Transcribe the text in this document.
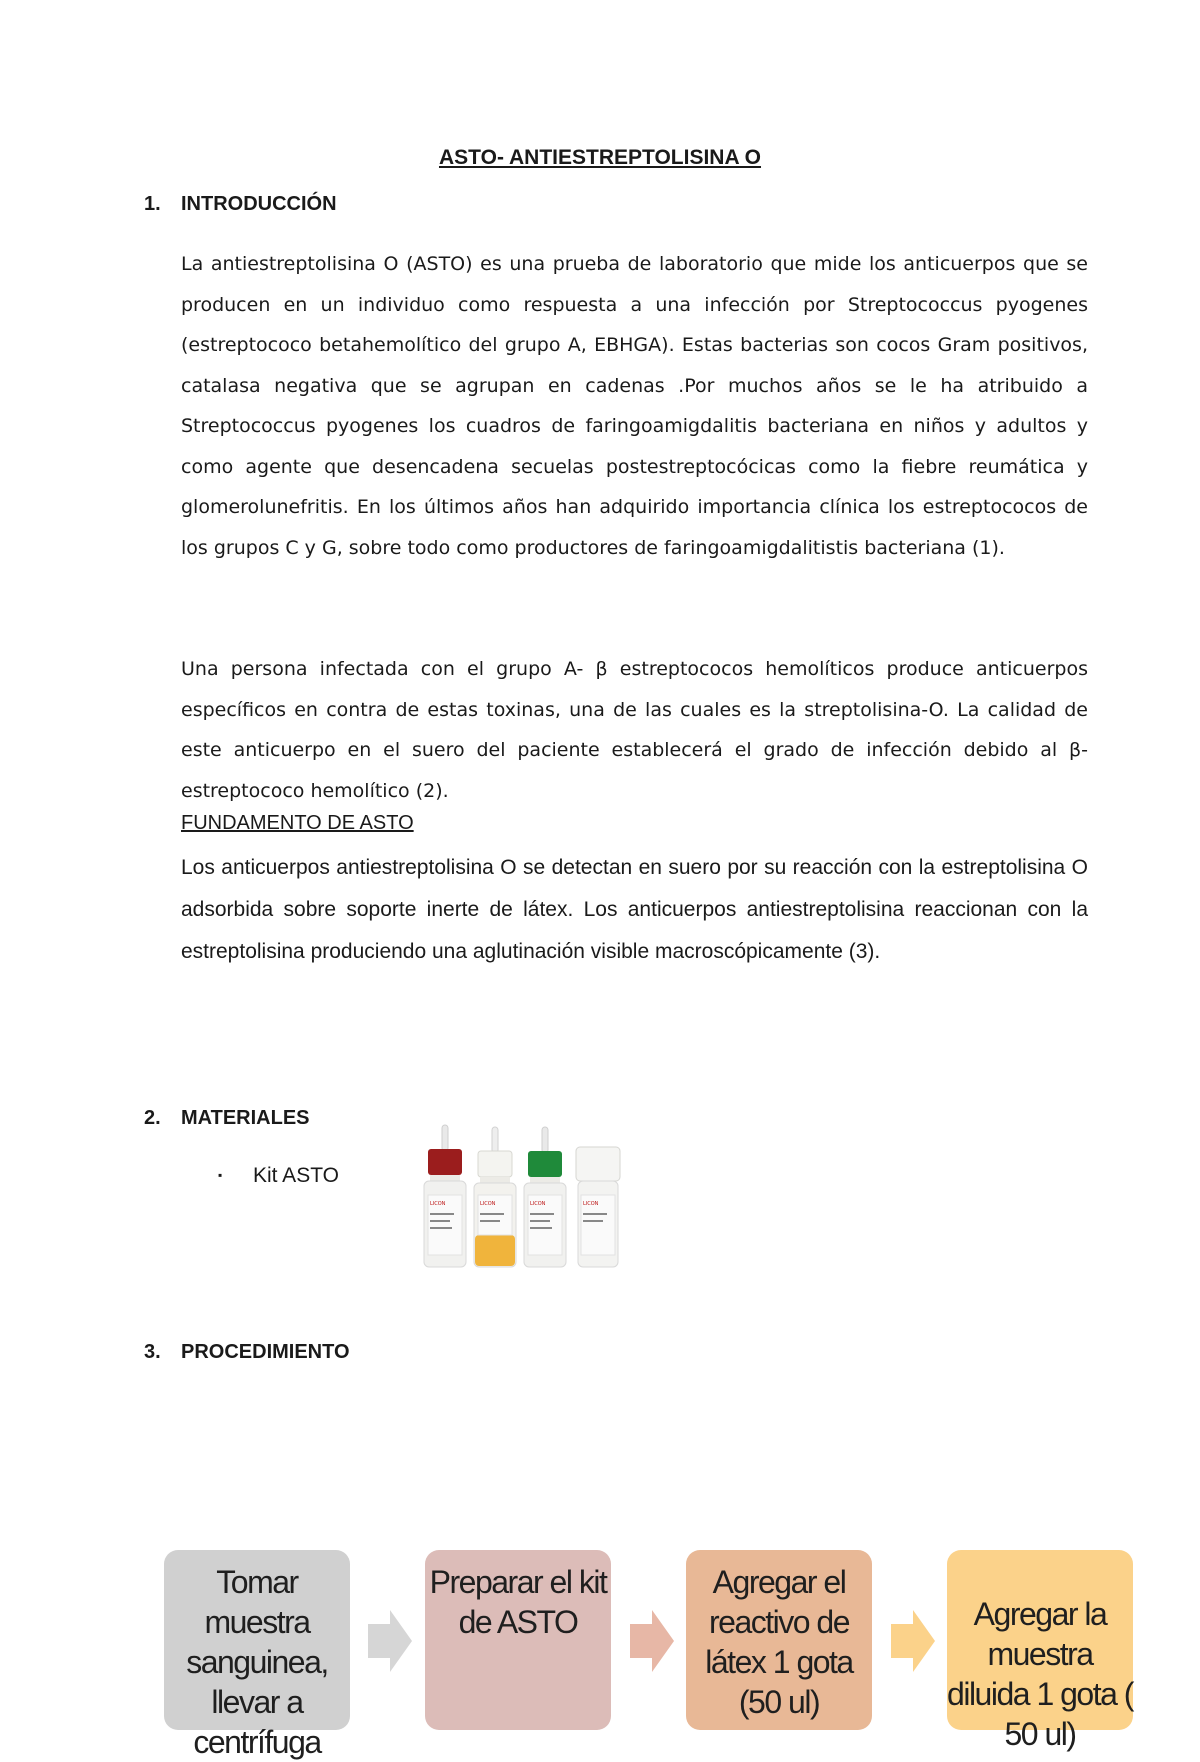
ASTO- ANTIESTREPTOLISINA O
1. INTRODUCCIÓN

La antiestreptolisina O (ASTO) es una prueba de laboratorio que mide los anticuerpos que se producen en un individuo como respuesta a una infección por Streptococcus pyogenes (estreptococo betahemolítico del grupo A, EBHGA). Estas bacterias son cocos Gram positivos, catalasa negativa que se agrupan en cadenas .Por muchos años se le ha atribuido a Streptococcus pyogenes los cuadros de faringoamigdalitis bacteriana en niños y adultos y como agente que desencadena secuelas postestreptocócicas como la fiebre reumática y glomerolunefritis. En los últimos años han adquirido importancia clínica los estreptococos de los grupos C y G, sobre todo como productores de faringoamigdalitistis bacteriana (1).

Una persona infectada con el grupo A- β estreptococos hemolíticos produce anticuerpos específicos en contra de estas toxinas, una de las cuales es la streptolisina-O. La calidad de este anticuerpo en el suero del paciente establecerá el grado de infección debido al β- estreptococo hemolítico (2).

FUNDAMENTO DE ASTO

Los anticuerpos antiestreptolisina O se detectan en suero por su reacción con la estreptolisina O adsorbida sobre soporte inerte de látex. Los anticuerpos antiestreptolisina reaccionan con la estreptolisina produciendo una aglutinación visible macroscópicamente (3).

2. MATERIALES
▪ Kit ASTO
LICON	LICON	LICON	LICON
3. PROCEDIMIENTO
Tomar muestra sanguinea, llevar a centrífuga
Preparar el kit de ASTO
Agregar el reactivo de látex 1 gota (50 ul)
Agregar la muestra diluida 1 gota ( 50 ul)
